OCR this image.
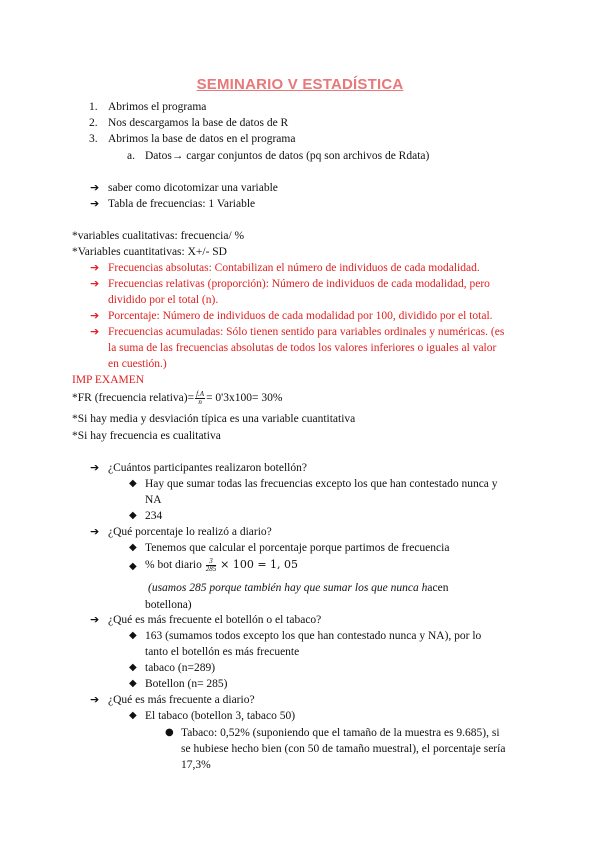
SEMINARIO V ESTADÍSTICA
1. Abrimos el programa
2. Nos descargamos la base de datos de R
3. Abrimos la base de datos en el programa
a. Datos→ cargar conjuntos de datos (pq son archivos de Rdata)
➔ saber como dicotomizar una variable
➔ Tabla de frecuencias: 1 Variable
*variables cualitativas: frecuencia/ %
*Variables cuantitativas: X+/- SD
➔ Frecuencias absolutas: Contabilizan el número de individuos de cada modalidad.
➔ Frecuencias relativas (proporción): Número de individuos de cada modalidad, pero
dividido por el total (n).
➔ Porcentaje: Número de individuos de cada modalidad por 100, dividido por el total.
➔ Frecuencias acumuladas: Sólo tienen sentido para variables ordinales y numéricas. (es
la suma de las frecuencias absolutas de todos los valores inferiores o iguales al valor
en cuestión.)
IMP EXAMEN
*FR (frecuencia relativa)= $\frac{f.A}{n} = 0'3x100= 30\%$
*Si hay media y desviación típica es una variable cuantitativa
*Si hay frecuencia es cualitativa
➔ ¿Cuántos participantes realizaron botellón?
◆ Hay que sumar todas las frecuencias excepto los que han contestado nunca y
NA
◆ 234
➔ ¿Qué porcentaje lo realizó a diario?
◆ Tenemos que calcular el porcentaje porque partimos de frecuencia
◆ % bot diario $\frac{3}{285} \times 100 = 1$, 05
(usamos 285 porque también hay que sumar los que nunca hacen
botellona)
➔ ¿Qué es más frecuente el botellón o el tabaco?
◆ 163 (sumamos todos excepto los que han contestado nunca y NA), por lo
tanto el botellón es más frecuente
◆ tabaco (n=289)
◆ Botellon (n= 285)
➔ ¿Qué es más frecuente a diario?
◆ El tabaco (botellon 3, tabaco 50)
● Tabaco: 0,52% (suponiendo que el tamaño de la muestra es 9.685), si
se hubiese hecho bien (con 50 de tamaño muestral), el porcentaje sería
17,3%
